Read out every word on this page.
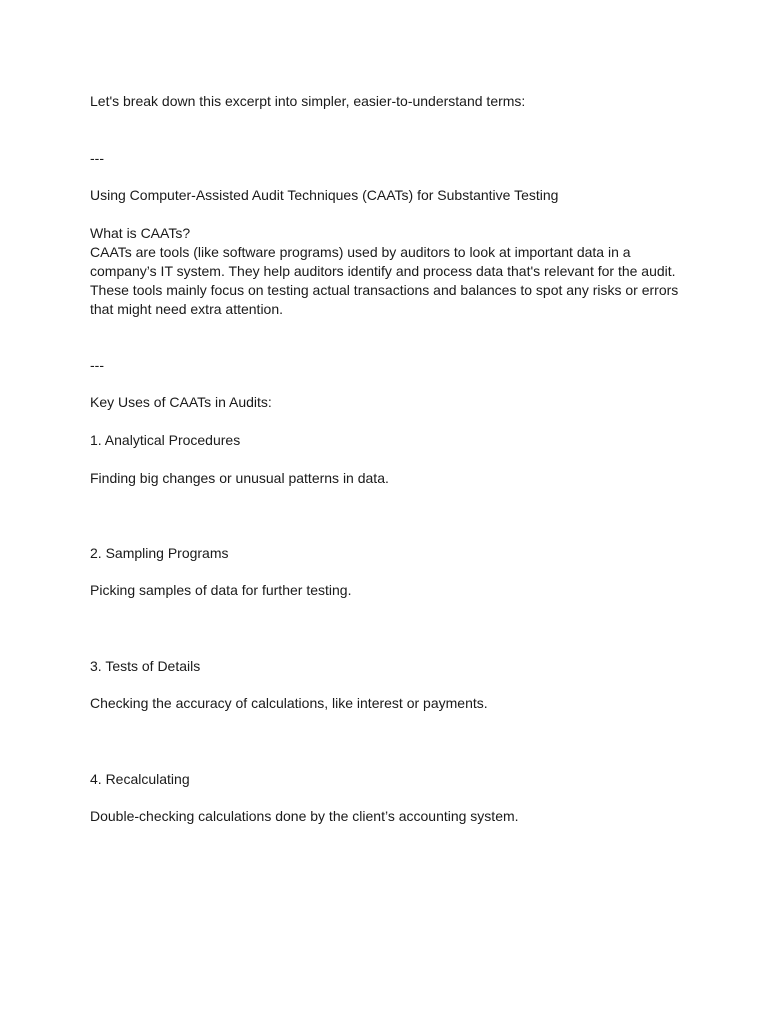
Let's break down this excerpt into simpler, easier-to-understand terms:
---
Using Computer-Assisted Audit Techniques (CAATs) for Substantive Testing
What is CAATs?
CAATs are tools (like software programs) used by auditors to look at important data in a
company’s IT system. They help auditors identify and process data that's relevant for the audit.
These tools mainly focus on testing actual transactions and balances to spot any risks or errors
that might need extra attention.
---
Key Uses of CAATs in Audits:
1. Analytical Procedures
Finding big changes or unusual patterns in data.
2. Sampling Programs
Picking samples of data for further testing.
3. Tests of Details
Checking the accuracy of calculations, like interest or payments.
4. Recalculating
Double-checking calculations done by the client’s accounting system.
